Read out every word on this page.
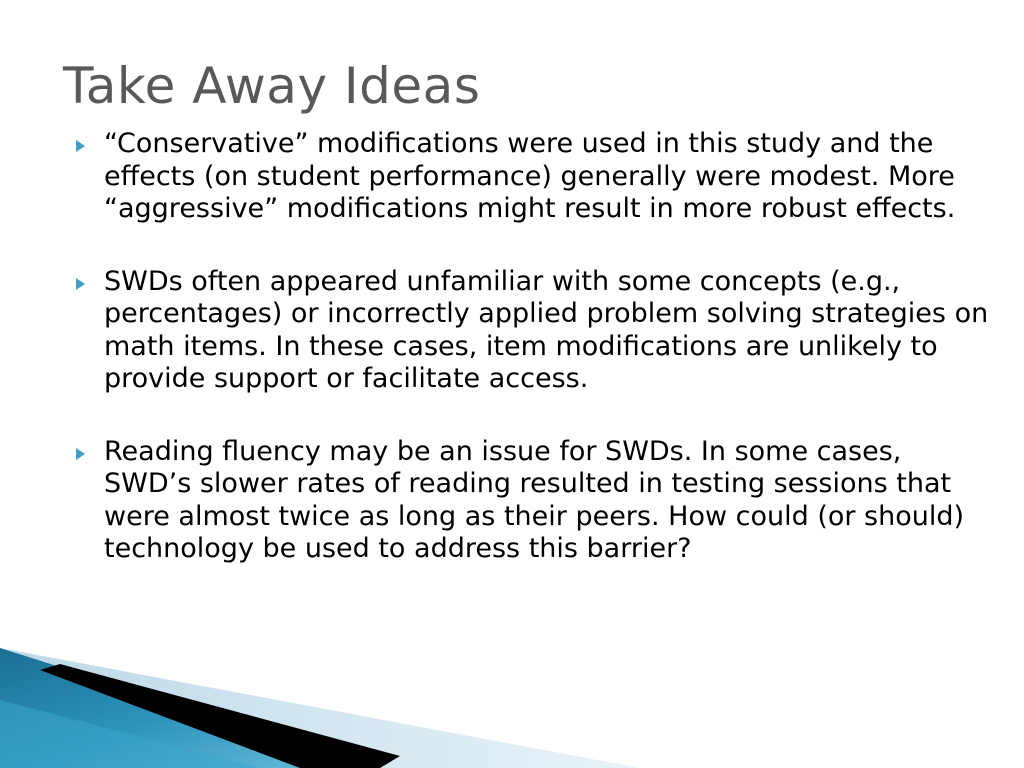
Take Away Ideas
“Conservative” modifications were used in this study and the effects (on student performance) generally were modest. More “aggressive” modifications might result in more robust effects.
SWDs often appeared unfamiliar with some concepts (e.g., percentages) or incorrectly applied problem solving strategies on math items. In these cases, item modifications are unlikely to provide support or facilitate access.
Reading fluency may be an issue for SWDs. In some cases, SWD’s slower rates of reading resulted in testing sessions that were almost twice as long as their peers. How could (or should) technology be used to address this barrier?
